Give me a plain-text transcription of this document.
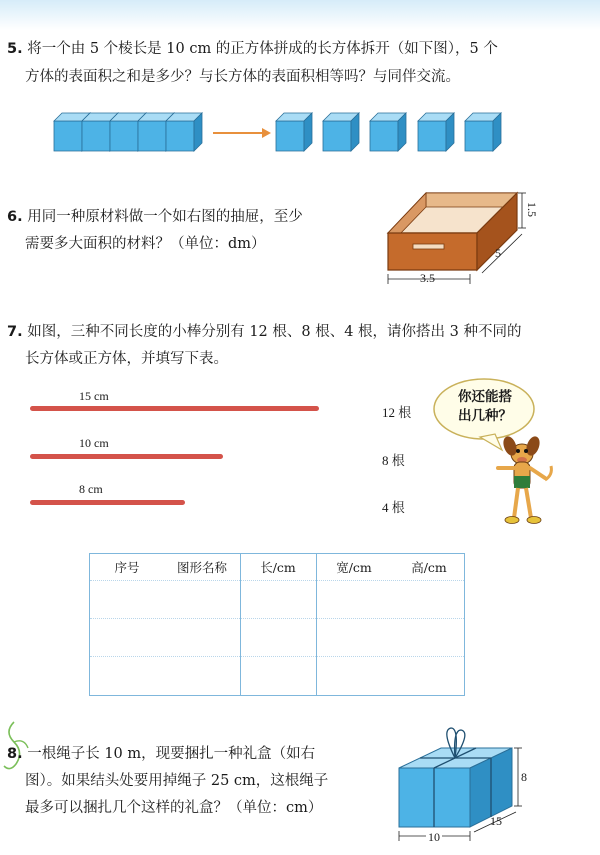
5. 将一个由 5 个棱长是 10 cm 的正方体拼成的长方体拆开（如下图），5 个
方体的表面积之和是多少？与长方体的表面积相等吗？与同伴交流。
6. 用同一种原材料做一个如右图的抽屉，至少
需要多大面积的材料？（单位：dm）
1.5
5
3.5
7. 如图，三种不同长度的小棒分别有 12 根、8 根、4 根，请你搭出 3 种不同的
长方体或正方体，并填写下表。
15 cm
10 cm
8 cm
12 根
8 根
4 根
你还能搭
出几种？
序号	图形名称	长/cm	宽/cm	高/cm
8. 一根绳子长 10 m，现要捆扎一种礼盒（如右
图）。如果结头处要用掉绳子 25 cm，这根绳子
最多可以捆扎几个这样的礼盒？（单位：cm）
8
15
10
